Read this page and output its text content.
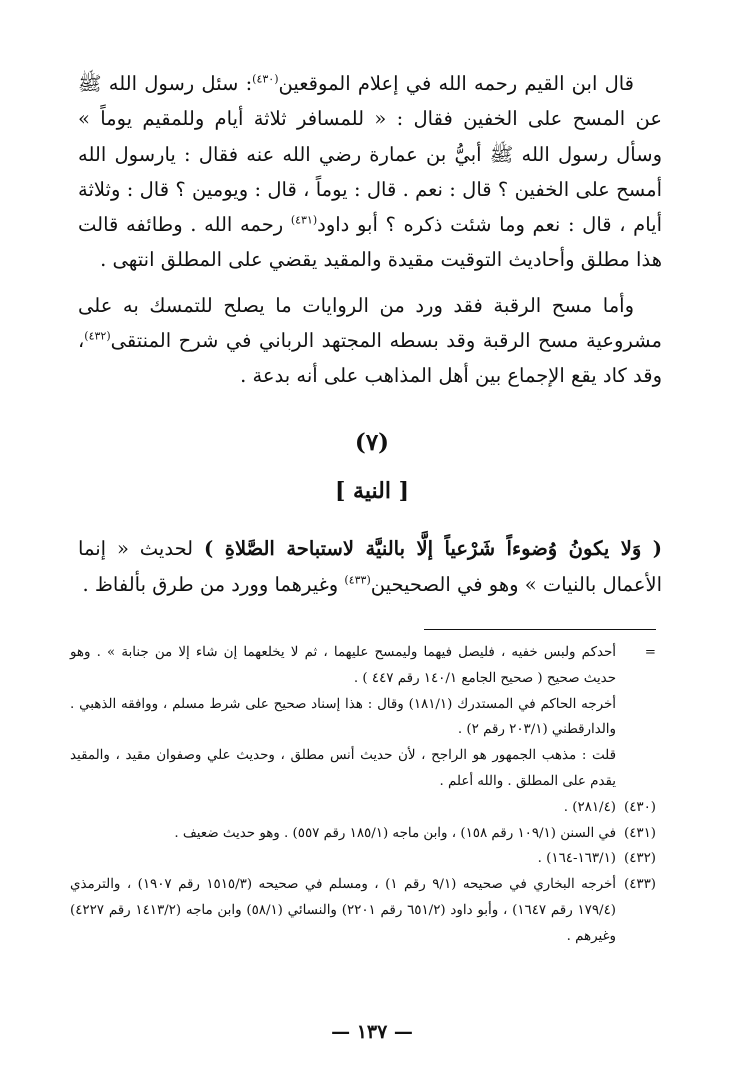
قال ابن القيم رحمه الله في إعلام الموقعين$^{(٤٣٠)}$: سئل رسول الله ﷺ عن المسح على الخفين فقال : « للمسافر ثلاثة أيام وللمقيم يوماً » وسأل رسول الله ﷺ أبيُّ بن عمارة رضي الله عنه فقال : يارسول الله أمسح على الخفين ؟ قال : نعم . قال : يوماً ، قال : ويومين ؟ قال : وثلاثة أيام ، قال : نعم وما شئت ذكره ؟ أبو داود$^{(٤٣١)}$ رحمه الله . وطائفه قالت هذا مطلق وأحاديث التوقيت مقيدة والمقيد يقضي على المطلق انتهى .

وأما مسح الرقبة فقد ورد من الروايات ما يصلح للتمسك به على مشروعية مسح الرقبة وقد بسطه المجتهد الرباني في شرح المنتقى$^{(٤٣٢)}$، وقد كاد يقع الإجماع بين أهل المذاهب على أنه بدعة .

(٧)
[ النية ]
( وَلا يكونُ وُضوءاً شَرْعياً إلَّا بالنيَّة لاستباحة الصَّلاةِ ) لحديث « إنما الأعمال بالنيات » وهو في الصحيحين$^{(٤٣٣)}$ وغيرهما وورد من طرق بألفاظ .
=
أحدكم ولبس خفيه ، فليصل فيهما وليمسح عليهما ، ثم لا يخلعهما إن شاء إلا من جنابة » . وهو حديث صحيح ( صحيح الجامع ١٤٠/١ رقم ٤٤٧ ) .
أخرجه الحاكم في المستدرك (١٨١/١) وقال : هذا إسناد صحيح على شرط مسلم ، ووافقه الذهبي . والدارقطني (٢٠٣/١ رقم ٢) .
قلت : مذهب الجمهور هو الراجح ، لأن حديث أنس مطلق ، وحديث علي وصفوان مقيد ، والمقيد يقدم على المطلق . والله أعلم .
(٤٣٠)
(٢٨١/٤) .
(٤٣١)
في السنن (١٠٩/١ رقم ١٥٨) ، وابن ماجه (١٨٥/١ رقم ٥٥٧) . وهو حديث ضعيف .
(٤٣٢)
(١٦٣/١-١٦٤) .
(٤٣٣)
أخرجه البخاري في صحيحه (٩/١ رقم ١) ، ومسلم في صحيحه (١٥١٥/٣ رقم ١٩٠٧) ، والترمذي (١٧٩/٤ رقم ١٦٤٧) ، وأبو داود (٦٥١/٢ رقم ٢٢٠١) والنسائي (٥٨/١) وابن ماجه (١٤١٣/٢ رقم ٤٢٢٧) وغيرهم .
— ١٣٧ —
